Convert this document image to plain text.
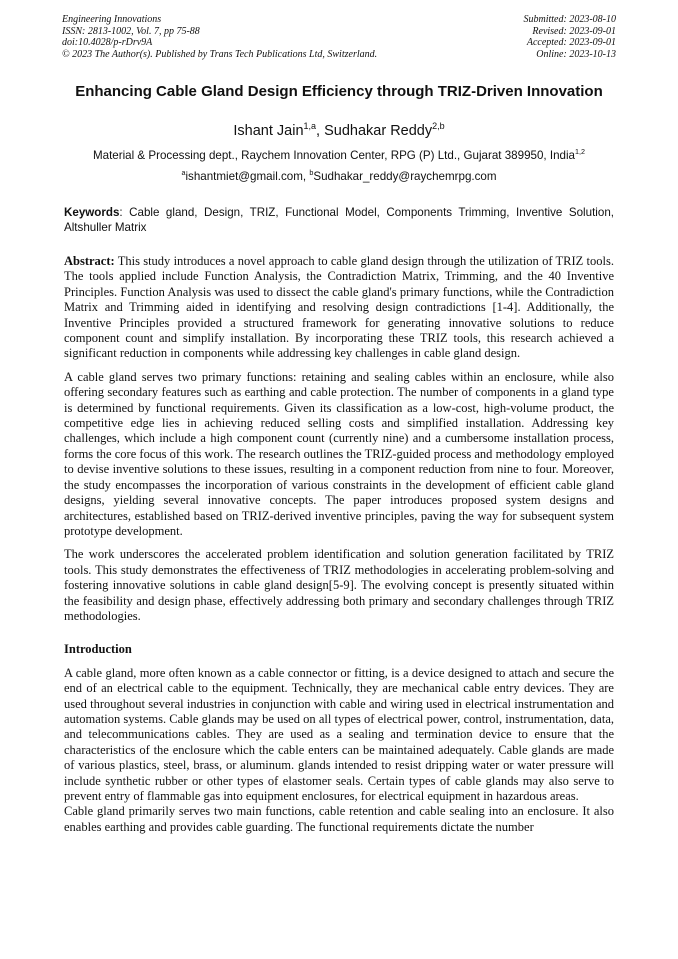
Engineering Innovations
ISSN: 2813-1002, Vol. 7, pp 75-88
doi:10.4028/p-rDrv9A
© 2023 The Author(s). Published by Trans Tech Publications Ltd, Switzerland.
Submitted: 2023-08-10
Revised: 2023-09-01
Accepted: 2023-09-01
Online: 2023-10-13
Enhancing Cable Gland Design Efficiency through TRIZ-Driven Innovation
Ishant Jain$^{1,a}$, Sudhakar Reddy$^{2,b}$
Material & Processing dept., Raychem Innovation Center, RPG (P) Ltd., Gujarat 389950, India$^{1,2}$
$^a$ishantmiet@gmail.com, $^b$Sudhakar_reddy@raychemrpg.com
Keywords: Cable gland, Design, TRIZ, Functional Model, Components Trimming, Inventive Solution, Altshuller Matrix

Abstract: This study introduces a novel approach to cable gland design through the utilization of TRIZ tools. The tools applied include Function Analysis, the Contradiction Matrix, Trimming, and the 40 Inventive Principles. Function Analysis was used to dissect the cable gland's primary functions, while the Contradiction Matrix and Trimming aided in identifying and resolving design contradictions [1-4]. Additionally, the Inventive Principles provided a structured framework for generating innovative solutions to reduce component count and simplify installation. By incorporating these TRIZ tools, this research achieved a significant reduction in components while addressing key challenges in cable gland design.

A cable gland serves two primary functions: retaining and sealing cables within an enclosure, while also offering secondary features such as earthing and cable protection. The number of components in a gland type is determined by functional requirements. Given its classification as a low-cost, high-volume product, the competitive edge lies in achieving reduced selling costs and simplified installation. Addressing key challenges, which include a high component count (currently nine) and a cumbersome installation process, forms the core focus of this work. The research outlines the TRIZ-guided process and methodology employed to devise inventive solutions to these issues, resulting in a component reduction from nine to four. Moreover, the study encompasses the incorporation of various constraints in the development of efficient cable gland designs, yielding several innovative concepts. The paper introduces proposed system designs and architectures, established based on TRIZ-derived inventive principles, paving the way for subsequent system prototype development.

The work underscores the accelerated problem identification and solution generation facilitated by TRIZ tools. This study demonstrates the effectiveness of TRIZ methodologies in accelerating problem-solving and fostering innovative solutions in cable gland design[5-9]. The evolving concept is presently situated within the feasibility and design phase, effectively addressing both primary and secondary challenges through TRIZ methodologies.

Introduction

A cable gland, more often known as a cable connector or fitting, is a device designed to attach and secure the end of an electrical cable to the equipment. Technically, they are mechanical cable entry devices. They are used throughout several industries in conjunction with cable and wiring used in electrical instrumentation and automation systems. Cable glands may be used on all types of electrical power, control, instrumentation, data, and telecommunications cables. They are used as a sealing and termination device to ensure that the characteristics of the enclosure which the cable enters can be maintained adequately. Cable glands are made of various plastics, steel, brass, or aluminum. glands intended to resist dripping water or water pressure will include synthetic rubber or other types of elastomer seals. Certain types of cable glands may also serve to prevent entry of flammable gas into equipment enclosures, for electrical equipment in hazardous areas.

Cable gland primarily serves two main functions, cable retention and cable sealing into an enclosure. It also enables earthing and provides cable guarding. The functional requirements dictate the number
